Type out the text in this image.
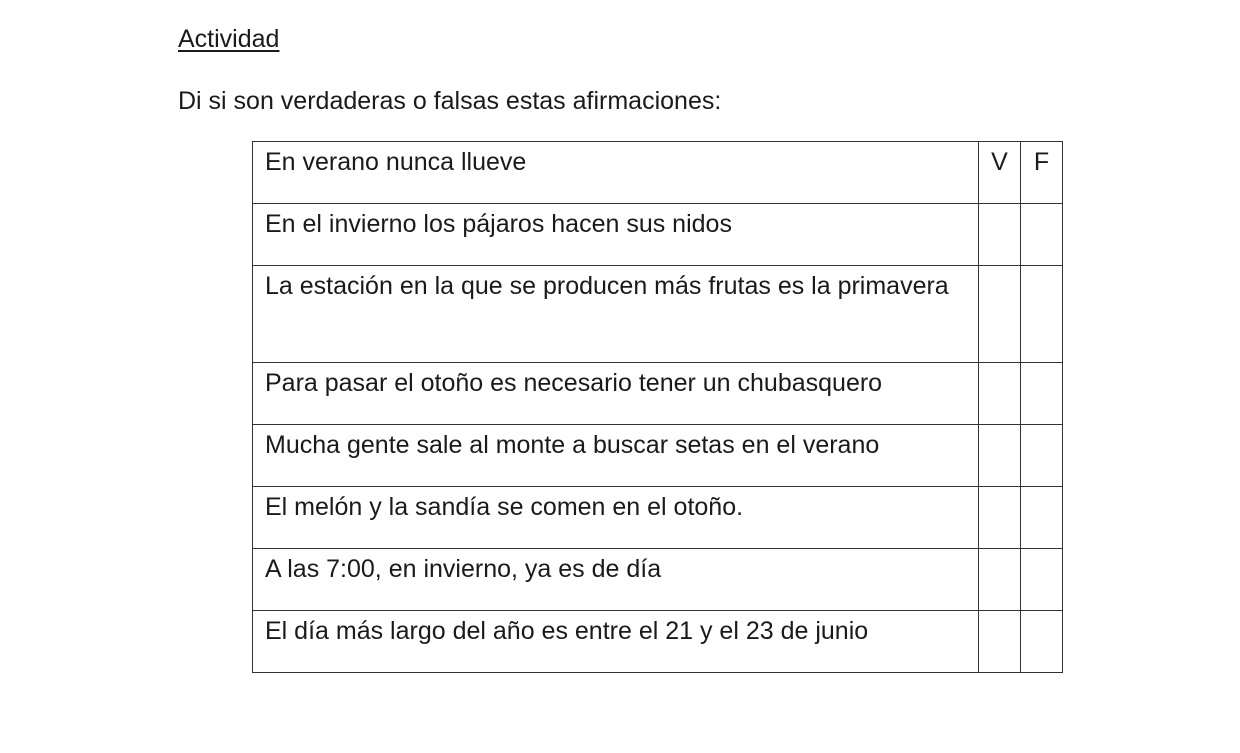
Actividad
Di si son verdaderas o falsas estas afirmaciones:
En verano nunca llueve	V	F
En el invierno los pájaros hacen sus nidos		
La estación en la que se producen más frutas es la primavera		
Para pasar el otoño es necesario tener un chubasquero		
Mucha gente sale al monte a buscar setas en el verano		
El melón y la sandía se comen en el otoño.		
A las 7:00, en invierno, ya es de día		
El día más largo del año es entre el 21 y el 23 de junio		
